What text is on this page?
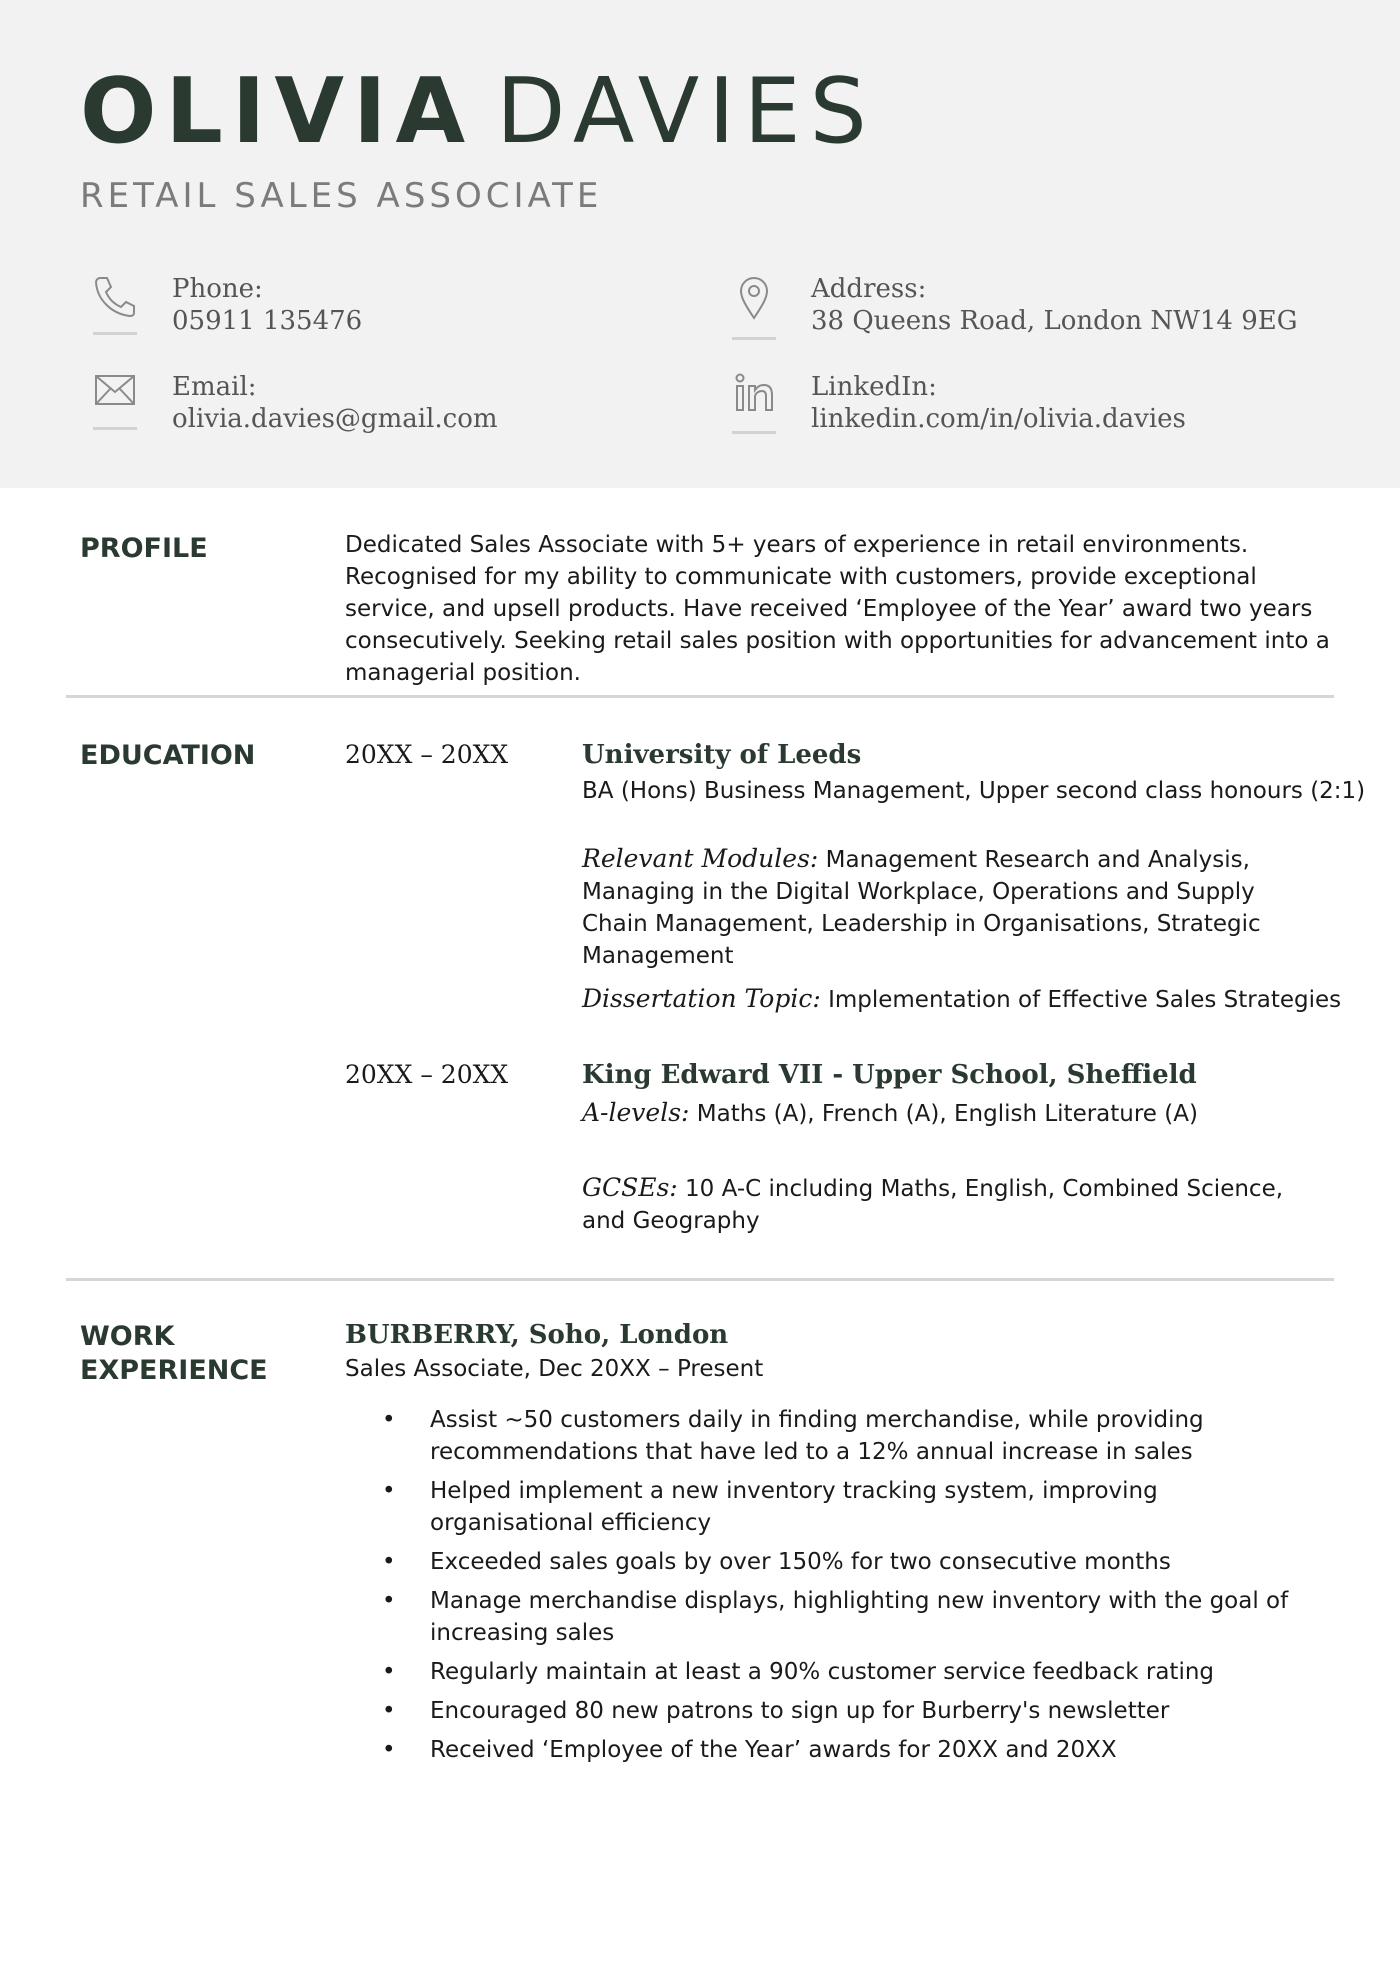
OLIVIA DAVIES
RETAIL SALES ASSOCIATE
Phone:
05911 135476
Email:
olivia.davies@gmail.com
Address:
38 Queens Road, London NW14 9EG
LinkedIn:
linkedin.com/in/olivia.davies
PROFILE	Dedicated Sales Associate with 5+ years of experience in retail environments. Recognised for my ability to communicate with customers, provide exceptional service, and upsell products. Have received ‘Employee of the Year’ award two years consecutively. Seeking retail sales position with opportunities for advancement into a managerial position.
EDUCATION	20XX – 20XX	University of Leeds
BA (Hons) Business Management, Upper second class honours (2:1)
Relevant Modules: Management Research and Analysis, Managing in the Digital Workplace, Operations and Supply Chain Management, Leadership in Organisations, Strategic Management
Dissertation Topic: Implementation of Effective Sales Strategies
20XX – 20XX	King Edward VII - Upper School, Sheffield
A-levels: Maths (A), French (A), English Literature (A)
GCSEs: 10 A-C including Maths, English, Combined Science, and Geography
WORK
EXPERIENCE
BURBERRY, Soho, London
Sales Associate, Dec 20XX – Present
• Assist ~50 customers daily in finding merchandise, while providing recommendations that have led to a 12% annual increase in sales
• Helped implement a new inventory tracking system, improving organisational efficiency
• Exceeded sales goals by over 150% for two consecutive months
• Manage merchandise displays, highlighting new inventory with the goal of increasing sales
• Regularly maintain at least a 90% customer service feedback rating
• Encouraged 80 new patrons to sign up for Burberry's newsletter
• Received ‘Employee of the Year’ awards for 20XX and 20XX
